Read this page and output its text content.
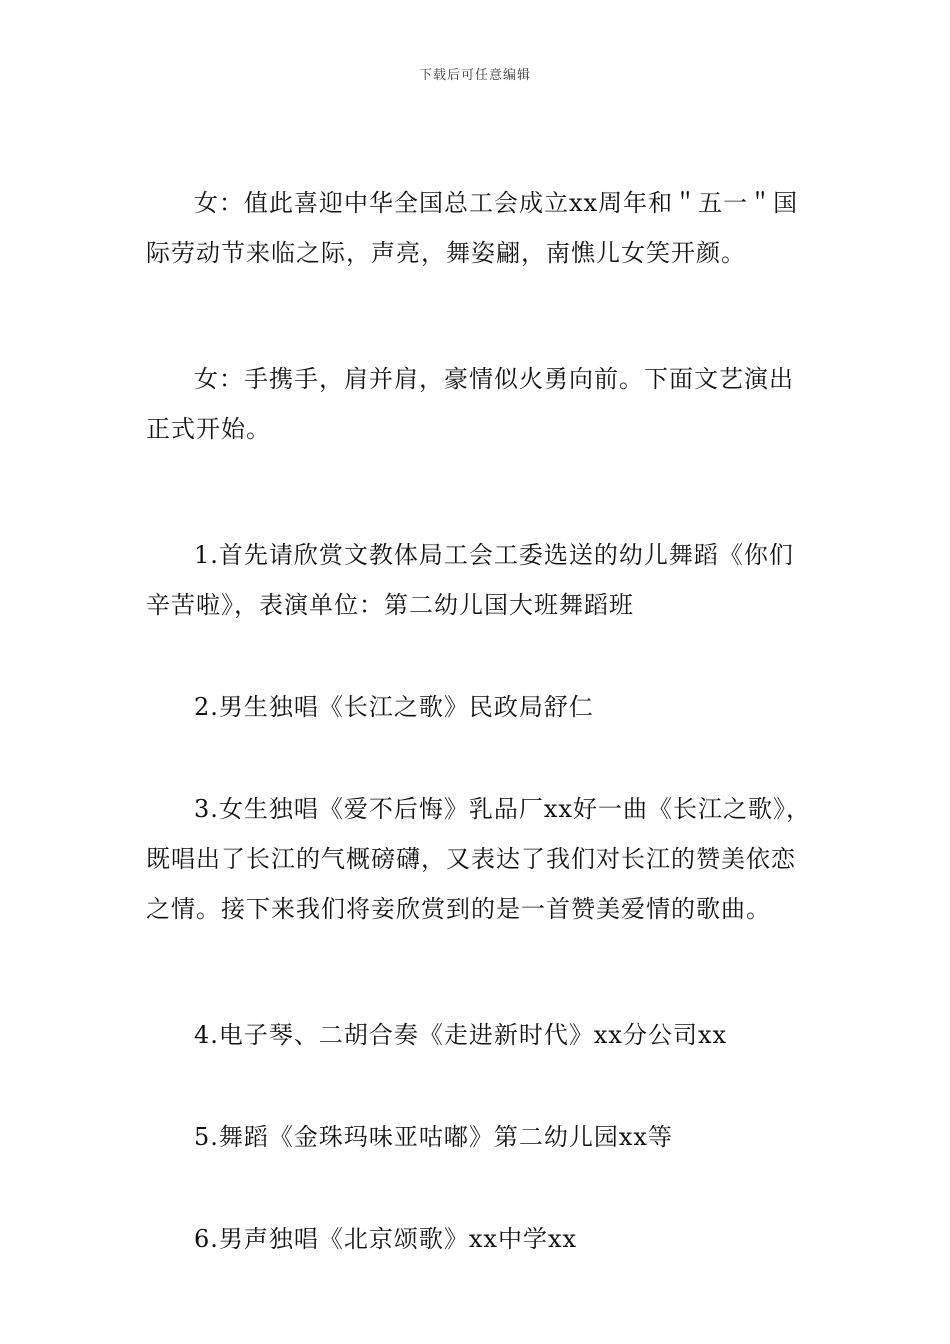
下载后可任意编辑

女：值此喜迎中华全国总工会成立xx周年和＂五一＂国际劳动节来临之际，声亮，舞姿翩，南憔儿女笑开颜。

女：手携手，肩并肩，豪情似火勇向前。下面文艺演出正式开始。

1.首先请欣赏文教体局工会工委选送的幼儿舞蹈《你们辛苦啦》，表演单位：第二幼儿国大班舞蹈班

2.男生独唱《长江之歌》民政局舒仁

3.女生独唱《爱不后悔》乳品厂xx好一曲《长江之歌》，既唱出了长江的气概磅礴，又表达了我们对长江的赞美依恋之情。接下来我们将妾欣赏到的是一首赞美爱情的歌曲。

4.电子琴、二胡合奏《走进新时代》xx分公司xx

5.舞蹈《金珠玛味亚咕嘟》第二幼儿园xx等

6.男声独唱《北京颂歌》xx中学xx
